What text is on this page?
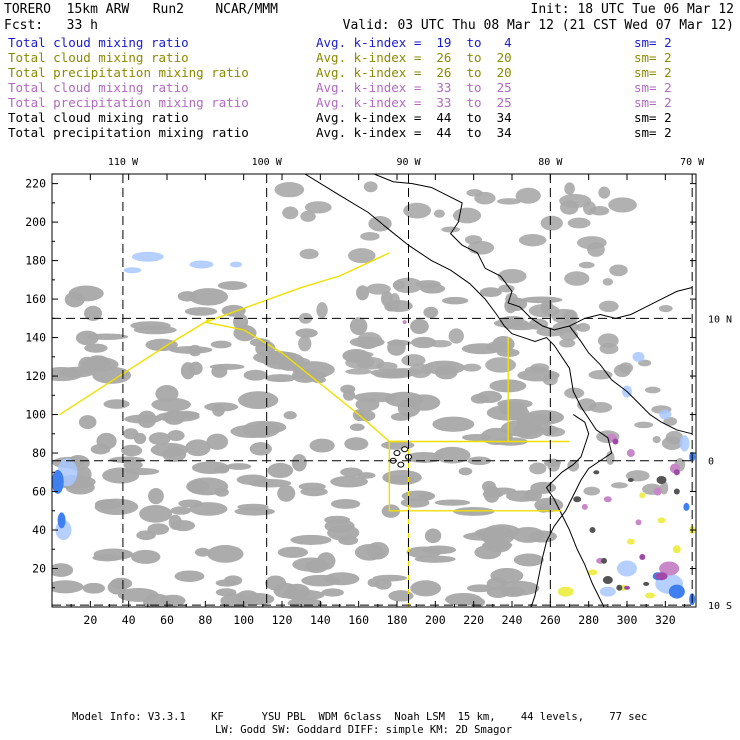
TORERO  15km ARW   Run2    NCAR/MMM	Init: 18 UTC Tue 06 Mar 12
Fcst:   33 h	Valid: 03 UTC Thu 08 Mar 12 (21 CST Wed 07 Mar 12)
Total cloud mixing ratio	Avg. k-index =  19  to   4	sm= 2
Total cloud mixing ratio	Avg. k-index =  26  to  20	sm= 2
Total precipitation mixing ratio	Avg. k-index =  26  to  20	sm= 2
Total cloud mixing ratio	Avg. k-index =  33  to  25	sm= 2
Total precipitation mixing ratio	Avg. k-index =  33  to  25	sm= 2
Total cloud mixing ratio	Avg. k-index =  44  to  34	sm= 2
Total precipitation mixing ratio	Avg. k-index =  44  to  34	sm= 2
20 40 60 80 100 120 140 160 180 200 220 240 260 280 300 320
20
40
60
80
100
120
140
160
180
200
220
110 W	100 W	90 W	80 W	70 W
10 N
0
10 S
Model Info: V3.3.1    KF      YSU PBL  WDM 6class  Noah LSM  15 km,    44 levels,    77 sec
LW: Godd SW: Goddard DIFF: simple KM: 2D Smagor
